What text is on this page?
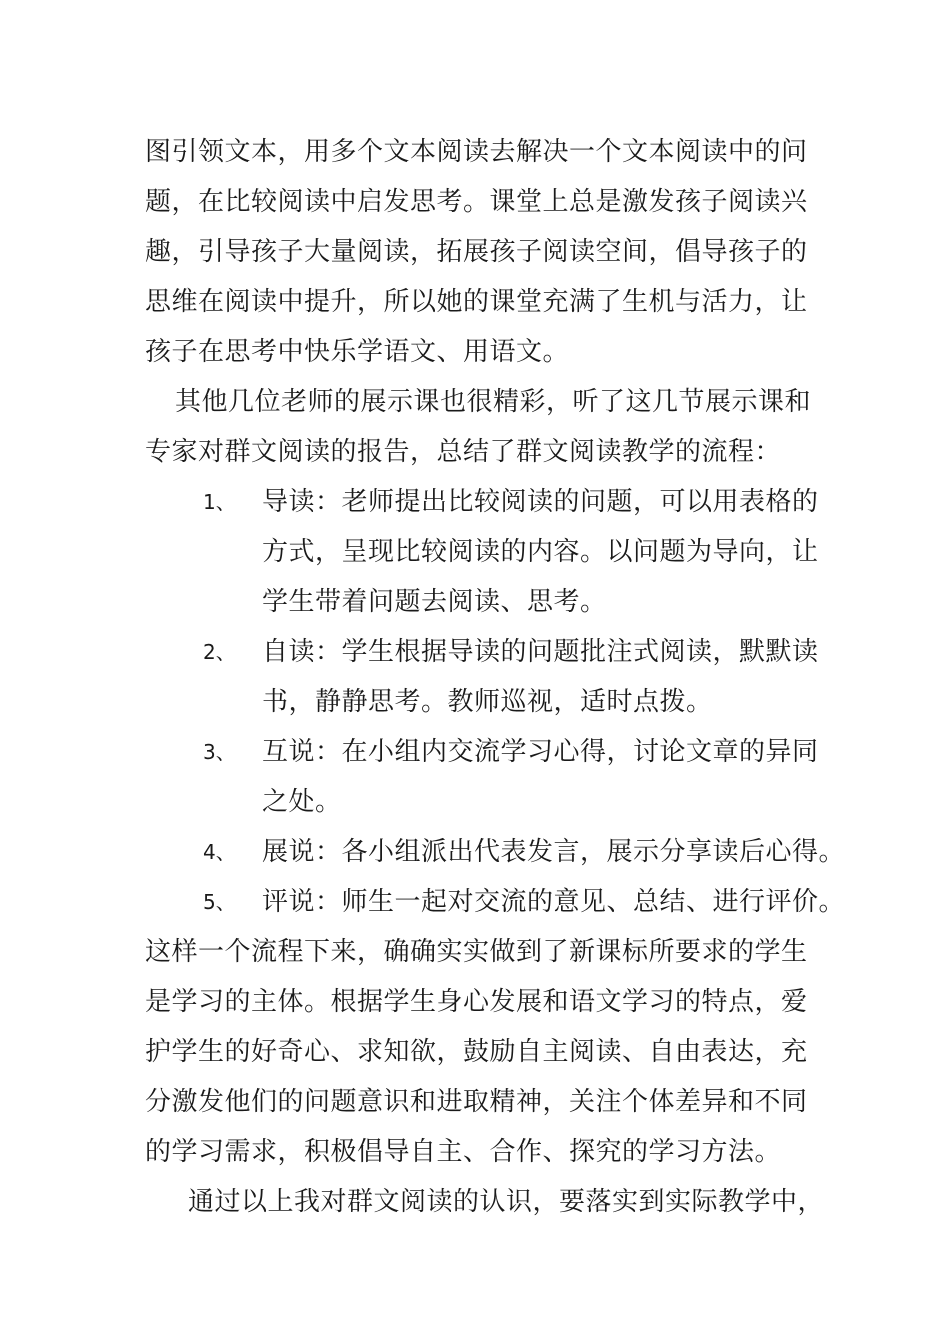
图引领文本，用多个文本阅读去解决一个文本阅读中的问
题，在比较阅读中启发思考。课堂上总是激发孩子阅读兴
趣，引导孩子大量阅读，拓展孩子阅读空间，倡导孩子的
思维在阅读中提升，所以她的课堂充满了生机与活力，让
孩子在思考中快乐学语文、用语文。
其他几位老师的展示课也很精彩，听了这几节展示课和
专家对群文阅读的报告，总结了群文阅读教学的流程：
1、 导读：老师提出比较阅读的问题，可以用表格的
方式，呈现比较阅读的内容。以问题为导向，让
学生带着问题去阅读、思考。
2、 自读：学生根据导读的问题批注式阅读，默默读
书，静静思考。教师巡视，适时点拨。
3、 互说：在小组内交流学习心得，讨论文章的异同
之处。
4、 展说：各小组派出代表发言，展示分享读后心得。
5、 评说：师生一起对交流的意见、总结、进行评价。
这样一个流程下来，确确实实做到了新课标所要求的学生
是学习的主体。根据学生身心发展和语文学习的特点，爱
护学生的好奇心、求知欲，鼓励自主阅读、自由表达，充
分激发他们的问题意识和进取精神，关注个体差异和不同
的学习需求，积极倡导自主、合作、探究的学习方法。
通过以上我对群文阅读的认识，要落实到实际教学中，
